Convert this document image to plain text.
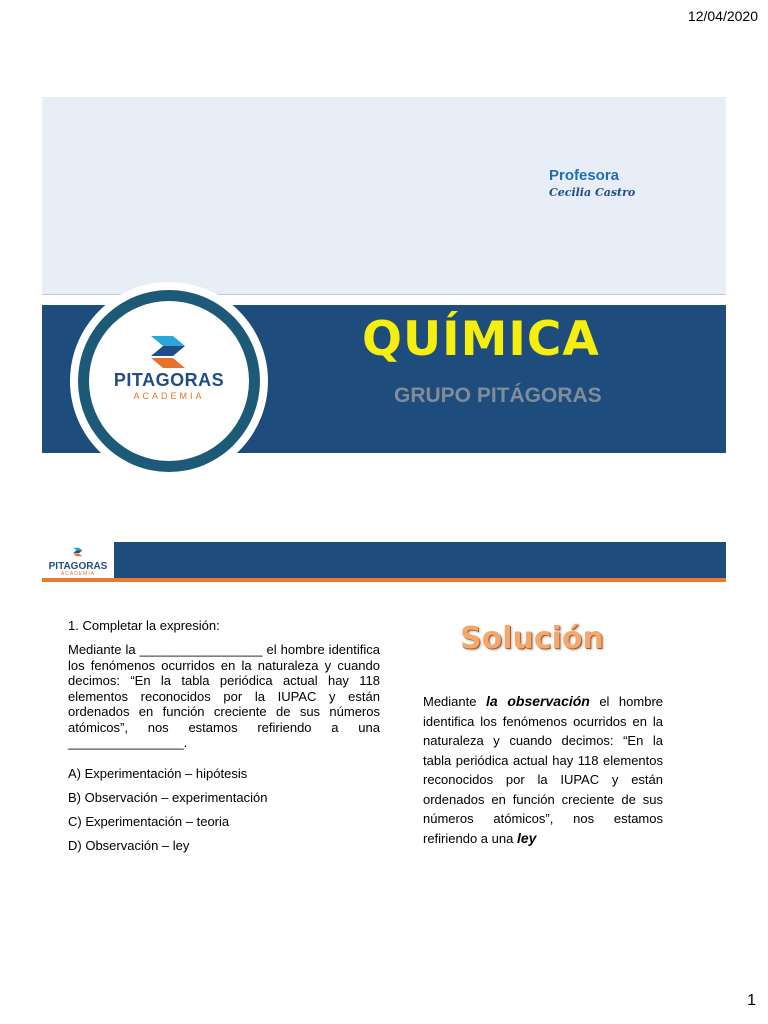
12/04/2020
Profesora
Cecilia Castro
QUÍMICA
GRUPO PITÁGORAS
PITAGORAS
ACADEMIA
PITAGORAS
ACADEMIA
1. Completar la expresión:
Mediante la _________________ el hombre identifica los fenómenos ocurridos en la naturaleza y cuando decimos: “En la tabla periódica actual hay 118 elementos reconocidos por la IUPAC y están ordenados en función creciente de sus números atómicos”, nos estamos refiriendo a una ________________.
A) Experimentación – hipótesis
B) Observación – experimentación
C) Experimentación – teoria
D) Observación – ley
Solución
Mediante la observación el hombre identifica los fenómenos ocurridos en la naturaleza y cuando decimos: “En la tabla periódica actual hay 118 elementos reconocidos por la IUPAC y están ordenados en función creciente de sus números atómicos”, nos estamos refiriendo a una ley
1
